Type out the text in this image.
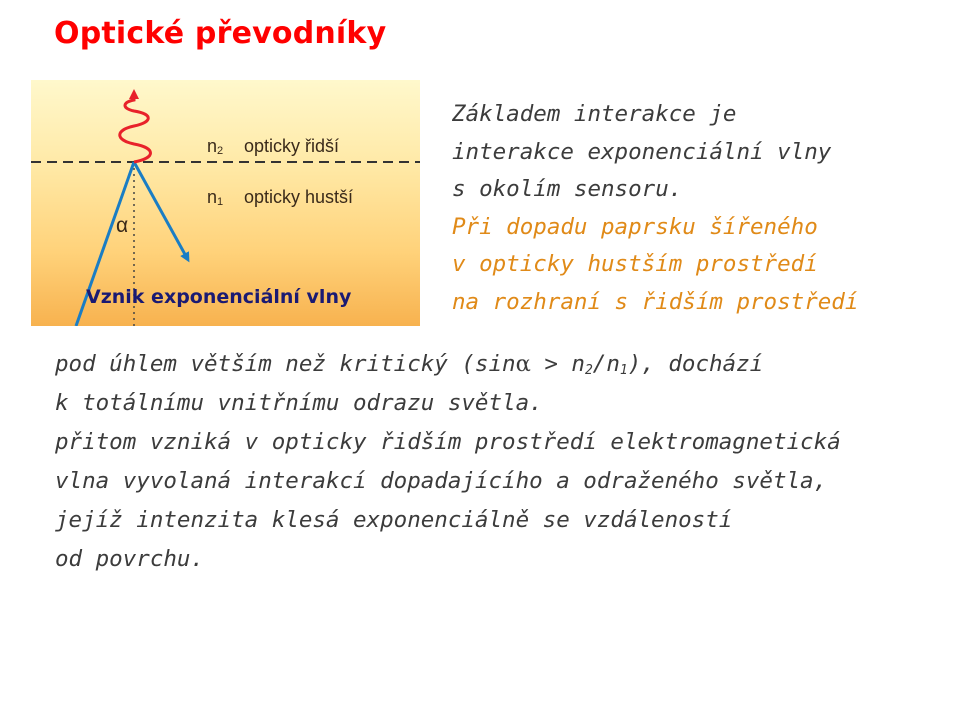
Optické převodníky
$n_2$ opticky řidší
$n_1$ opticky hustší
α
Vznik exponenciální vlny
Základem interakce je
interakce exponenciální vlny
s okolím sensoru.
Při dopadu paprsku šířeného
v opticky hustším prostředí
na rozhraní s řidším prostředí
pod úhlem větším než kritický $(\sin\alpha > n_2/n_1)$, dochází
k totálnímu vnitřnímu odrazu světla.
přitom vzniká v opticky řidším prostředí elektromagnetická
vlna vyvolaná interakcí dopadajícího a odraženého světla,
jejíž intenzita klesá exponenciálně se vzdáleností
od povrchu.
